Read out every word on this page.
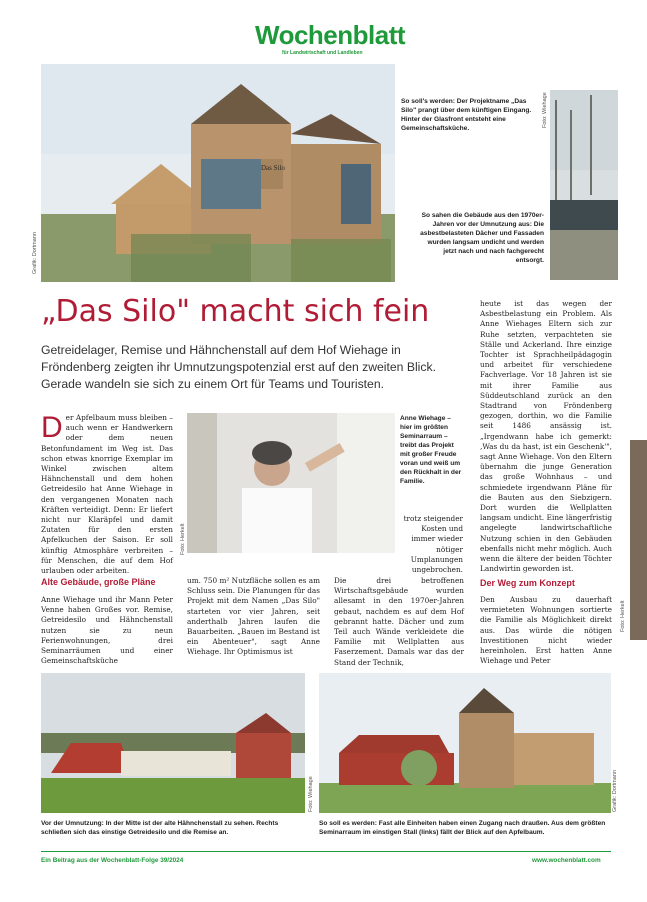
Wochenblatt
für Landwirtschaft und Landleben
Das Silo
Grafik: Dortmann
So soll's werden: Der Projektname „Das Silo" prangt über dem künftigen Eingang. Hinter der Glasfront entsteht eine Gemeinschaftsküche.
Foto: Wiehage
So sahen die Gebäude aus den 1970er-Jahren vor der Umnutzung aus: Die asbestbelasteten Dächer und Fassaden wurden langsam undicht und werden jetzt nach und nach fachgerecht entsorgt.
„Das Silo" macht sich fein
Getreidelager, Remise und Hähnchenstall auf dem Hof Wiehage in Fröndenberg zeigten ihr Umnutzungspotenzial erst auf den zweiten Blick. Gerade wandeln sie sich zu einem Ort für Teams und Touristen.
D er Apfelbaum muss bleiben – auch wenn er Handwerkern oder dem neuen Betonfundament im Weg ist. Das schon etwas knorrige Exemplar im Winkel zwischen altem Hähnchenstall und dem hohen Getreidesilo hat Anne Wiehage in den vergangenen Monaten nach Kräften verteidigt. Denn: Er liefert nicht nur Klaräpfel und damit Zutaten für den ersten Apfelkuchen der Saison. Er soll künftig Atmosphäre verbreiten – für Menschen, die auf dem Hof urlauben oder arbeiten.
Alte Gebäude, große Pläne
Anne Wiehage und ihr Mann Peter Venne haben Großes vor. Remise, Getreidesilo und Hähnchenstall nutzen sie zu neun Ferienwohnungen, drei Seminarräumen und einer Gemeinschaftsküche
Foto: Herkelt
Anne Wiehage – hier im größten Seminarraum – treibt das Projekt mit großer Freude voran und weiß um den Rückhalt in der Familie.
um. 750 m² Nutzfläche sollen es am Schluss sein. Die Planungen für das Projekt mit dem Namen „Das Silo" starteten vor vier Jahren, seit anderthalb Jahren laufen die Bauarbeiten. „Bauen im Bestand ist ein Abenteuer", sagt Anne Wiehage. Ihr Optimismus ist
trotz steigender Kosten und immer wieder nötiger Umplanungen ungebrochen.
Die drei betroffenen Wirtschaftsgebäude wurden allesamt in den 1970er-Jahren gebaut, nachdem es auf dem Hof gebrannt hatte. Dächer und zum Teil auch Wände verkleidete die Familie mit Wellplatten aus Faserzement. Damals war das der Stand der Technik,
heute ist das wegen der Asbestbelastung ein Problem. Als Anne Wiehages Eltern sich zur Ruhe setzten, verpachteten sie Ställe und Ackerland. Ihre einzige Tochter ist Sprachheilpädagogin und arbeitet für verschiedene Fachverlage. Vor 18 Jahren ist sie mit ihrer Familie aus Süddeutschland zurück an den Stadtrand von Fröndenberg gezogen, dorthin, wo die Familie seit 1486 ansässig ist. „Irgendwann habe ich gemerkt: ‚Was du da hast, ist ein Geschenk'", sagt Anne Wiehage. Von den Eltern übernahm die junge Generation das große Wohnhaus – und schmiedete irgendwann Pläne für die Bauten aus den Siebzigern. Dort wurden die Wellplatten langsam undicht. Eine längerfristig angelegte landwirtschaftliche Nutzung schien in den Gebäuden ebenfalls nicht mehr möglich. Auch wenn die ältere der beiden Töchter Landwirtin geworden ist.
Der Weg zum Konzept
Den Ausbau zu dauerhaft vermieteten Wohnungen sortierte die Familie als Möglichkeit direkt aus. Das würde die nötigen Investitionen nicht wieder hereinholen. Erst hatten Anne Wiehage und Peter
Foto: Herkelt
Foto: Wiehage	Grafik: Dortmann
Vor der Umnutzung: In der Mitte ist der alte Hähnchenstall zu sehen. Rechts schließen sich das einstige Getreidesilo und die Remise an.
So soll es werden: Fast alle Einheiten haben einen Zugang nach draußen. Aus dem größten Seminarraum im einstigen Stall (links) fällt der Blick auf den Apfelbaum.
Ein Beitrag aus der Wochenblatt-Folge 39/2024	www.wochenblatt.com
